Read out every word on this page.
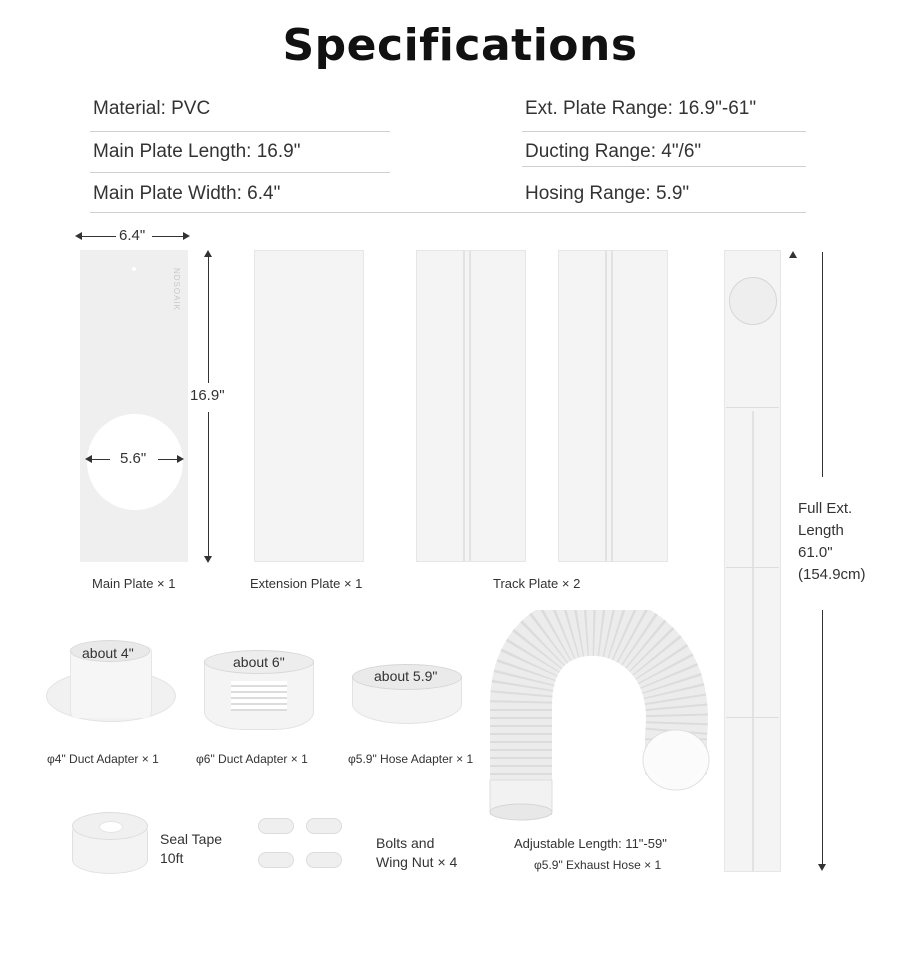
Specifications
Material: PVC
Main Plate Length: 16.9"
Main Plate Width: 6.4"
Ext. Plate Range: 16.9"-61"
Ducting Range: 4"/6"
Hosing Range: 5.9"
6.4"
NDSOAIK
5.6"
16.9"
Main Plate × 1	Extension Plate × 1	Track Plate × 2
Full Ext.
Length
61.0"
(154.9cm)
about 4"
φ4" Duct Adapter × 1
about 6"
φ6" Duct Adapter × 1
about 5.9"
φ5.9" Hose Adapter × 1
Adjustable Length: 11"-59"
φ5.9" Exhaust Hose × 1
Seal Tape
10ft
Bolts and
Wing Nut × 4
